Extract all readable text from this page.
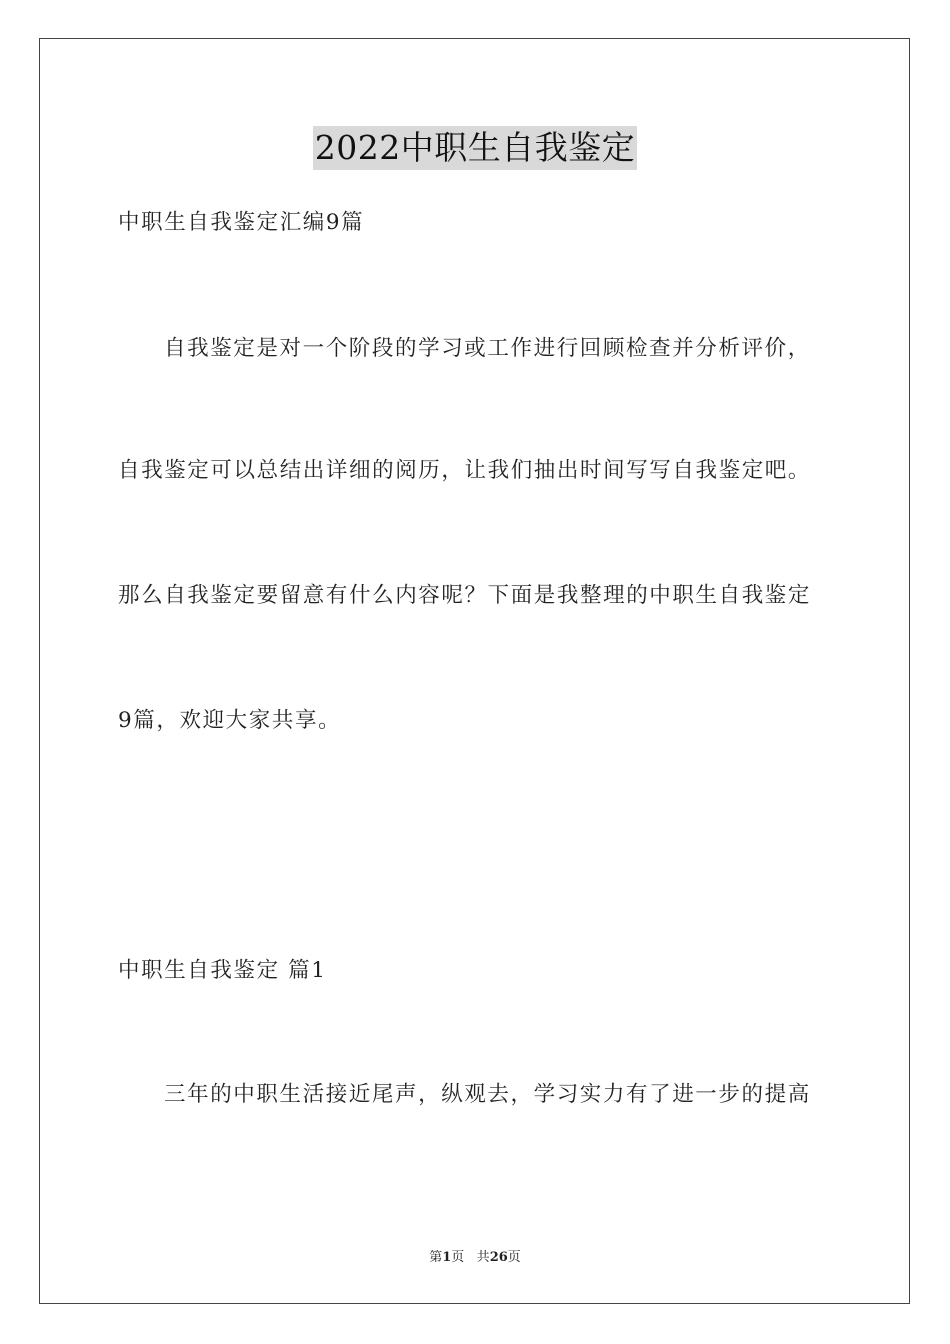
2022中职生自我鉴定
中职生自我鉴定汇编9篇
自我鉴定是对一个阶段的学习或工作进行回顾检查并分析评价，
自我鉴定可以总结出详细的阅历，让我们抽出时间写写自我鉴定吧。
那么自我鉴定要留意有什么内容呢？下面是我整理的中职生自我鉴定
9篇，欢迎大家共享。
中职生自我鉴定 篇1
三年的中职生活接近尾声，纵观去，学习实力有了进一步的提高
第1页 共26页
